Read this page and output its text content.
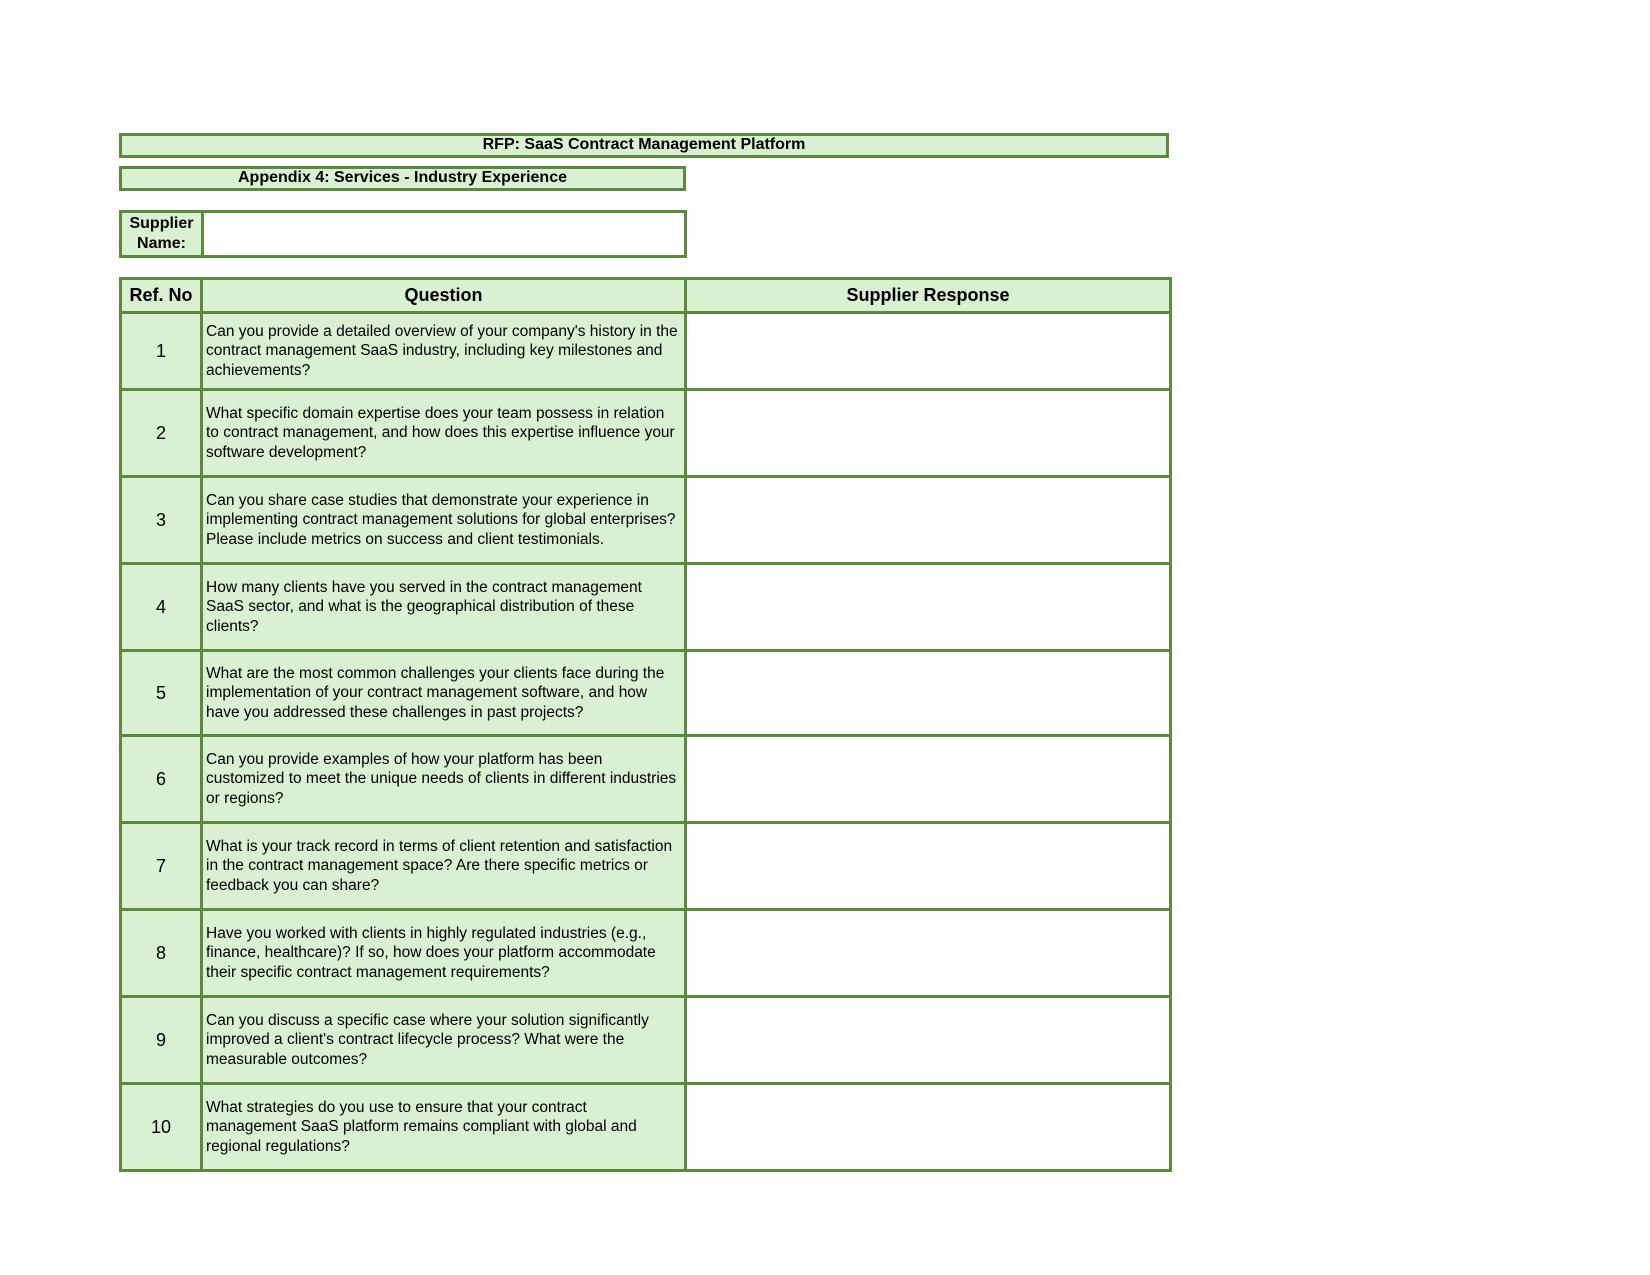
RFP: SaaS Contract Management Platform
Appendix 4: Services - Industry Experience
Supplier Name:	
Ref. No	Question	Supplier Response
1	Can you provide a detailed overview of your company's history in the contract management SaaS industry, including key milestones and achievements?	
2	What specific domain expertise does your team possess in relation to contract management, and how does this expertise influence your software development?	
3	Can you share case studies that demonstrate your experience in implementing contract management solutions for global enterprises? Please include metrics on success and client testimonials.	
4	How many clients have you served in the contract management SaaS sector, and what is the geographical distribution of these clients?	
5	What are the most common challenges your clients face during the implementation of your contract management software, and how have you addressed these challenges in past projects?	
6	Can you provide examples of how your platform has been customized to meet the unique needs of clients in different industries or regions?	
7	What is your track record in terms of client retention and satisfaction in the contract management space? Are there specific metrics or feedback you can share?	
8	Have you worked with clients in highly regulated industries (e.g., finance, healthcare)? If so, how does your platform accommodate their specific contract management requirements?	
9	Can you discuss a specific case where your solution significantly improved a client's contract lifecycle process? What were the measurable outcomes?	
10	What strategies do you use to ensure that your contract management SaaS platform remains compliant with global and regional regulations?	
